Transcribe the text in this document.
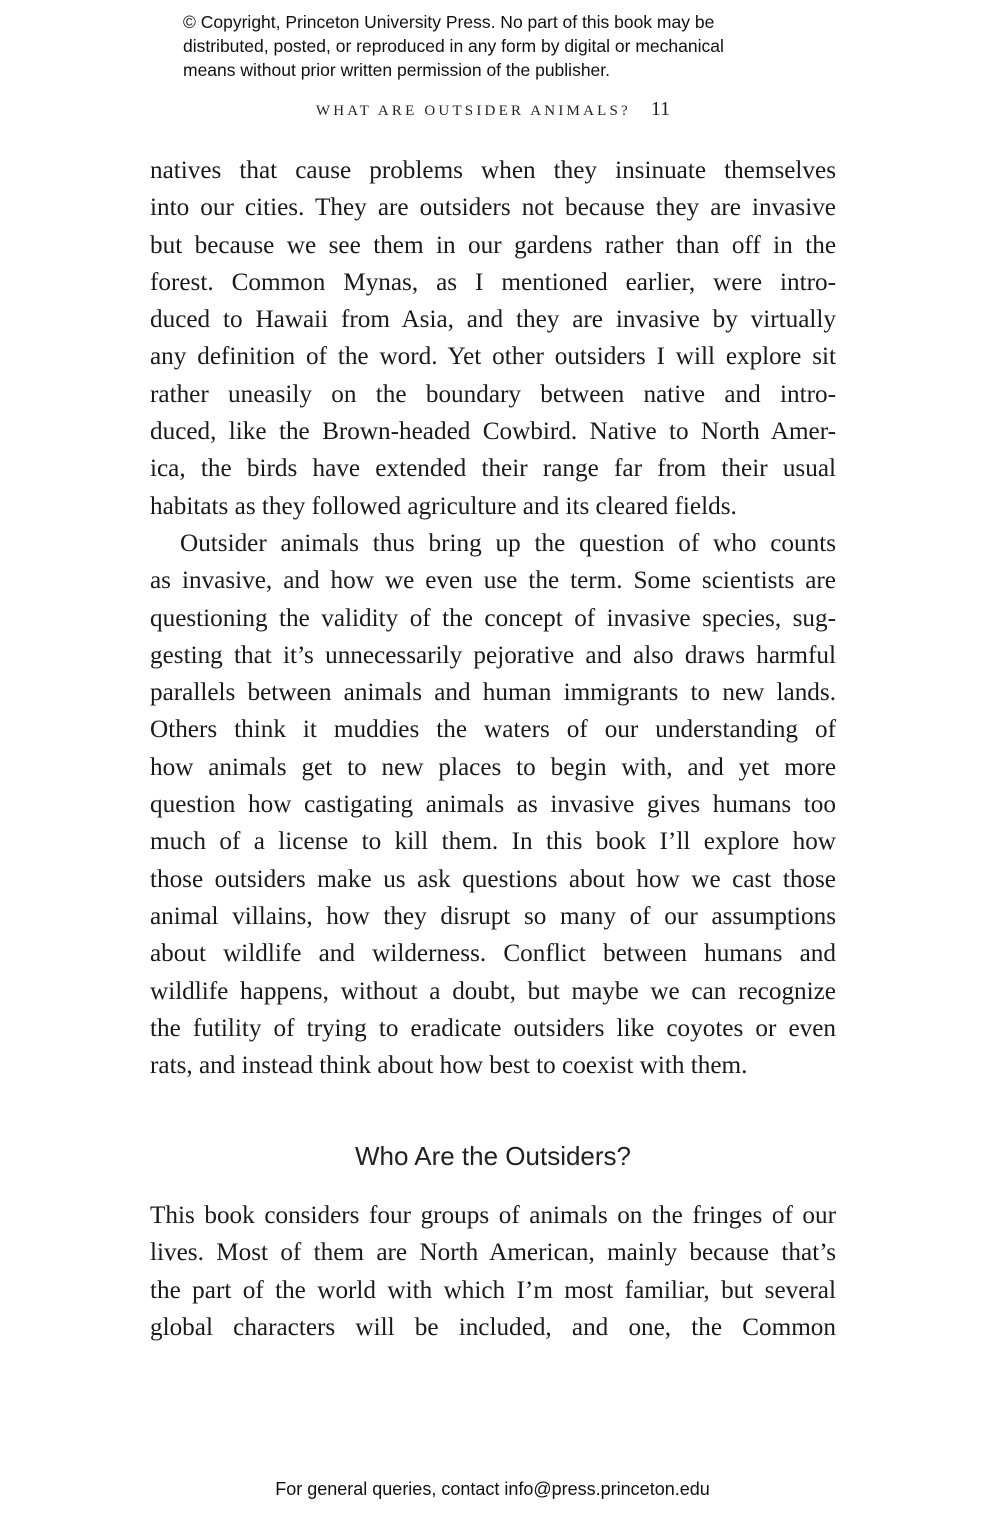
© Copyright, Princeton University Press. No part of this book may be
distributed, posted, or reproduced in any form by digital or mechanical
means without prior written permission of the publisher.
WHAT ARE OUTSIDER ANIMALS? 11
natives that cause problems when they insinuate themselves
into our cities. They are outsiders not because they are invasive
but because we see them in our gardens rather than off in the
forest. Common Mynas, as I mentioned earlier, were intro-
duced to Hawaii from Asia, and they are invasive by virtually
any definition of the word. Yet other outsiders I will explore sit
rather uneasily on the boundary between native and intro-
duced, like the Brown-headed Cowbird. Native to North Amer-
ica, the birds have extended their range far from their usual
habitats as they followed agriculture and its cleared fields.
Outsider animals thus bring up the question of who counts
as invasive, and how we even use the term. Some scientists are
questioning the validity of the concept of invasive species, sug-
gesting that it’s unnecessarily pejorative and also draws harmful
parallels between animals and human immigrants to new lands.
Others think it muddies the waters of our understanding of
how animals get to new places to begin with, and yet more
question how castigating animals as invasive gives humans too
much of a license to kill them. In this book I’ll explore how
those outsiders make us ask questions about how we cast those
animal villains, how they disrupt so many of our assumptions
about wildlife and wilderness. Conflict between humans and
wildlife happens, without a doubt, but maybe we can recognize
the futility of trying to eradicate outsiders like coyotes or even
rats, and instead think about how best to coexist with them.
Who Are the Outsiders?
This book considers four groups of animals on the fringes of our
lives. Most of them are North American, mainly because that’s
the part of the world with which I’m most familiar, but several
global characters will be included, and one, the Common
For general queries, contact info@press.princeton.edu
